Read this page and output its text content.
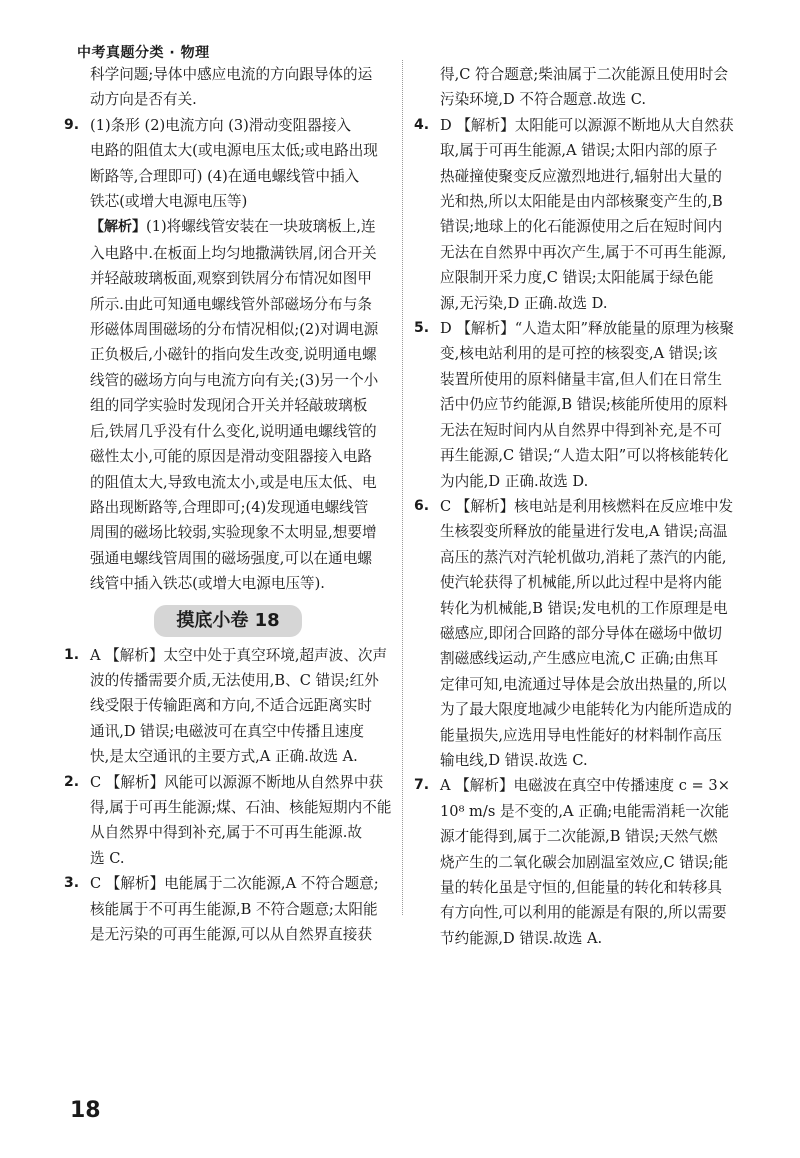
中考真题分类 · 物理
科学问题;导体中感应电流的方向跟导体的运
动方向是否有关.
9. (1)条形 (2)电流方向 (3)滑动变阻器接入
电路的阻值太大(或电源电压太低;或电路出现
断路等,合理即可) (4)在通电螺线管中插入
铁芯(或增大电源电压等)
【解析】(1)将螺线管安装在一块玻璃板上,连
入电路中.在板面上均匀地撒满铁屑,闭合开关
并轻敲玻璃板面,观察到铁屑分布情况如图甲
所示.由此可知通电螺线管外部磁场分布与条
形磁体周围磁场的分布情况相似;(2)对调电源
正负极后,小磁针的指向发生改变,说明通电螺
线管的磁场方向与电流方向有关;(3)另一个小
组的同学实验时发现闭合开关并轻敲玻璃板
后,铁屑几乎没有什么变化,说明通电螺线管的
磁性太小,可能的原因是滑动变阻器接入电路
的阻值太大,导致电流太小,或是电压太低、电
路出现断路等,合理即可;(4)发现通电螺线管
周围的磁场比较弱,实验现象不太明显,想要增
强通电螺线管周围的磁场强度,可以在通电螺
线管中插入铁芯(或增大电源电压等).
摸底小卷 18
1. A 【解析】太空中处于真空环境,超声波、次声
波的传播需要介质,无法使用,B、C 错误;红外
线受限于传输距离和方向,不适合远距离实时
通讯,D 错误;电磁波可在真空中传播且速度
快,是太空通讯的主要方式,A 正确.故选 A.
2. C 【解析】风能可以源源不断地从自然界中获
得,属于可再生能源;煤、石油、核能短期内不能
从自然界中得到补充,属于不可再生能源.故
选 C.
3. C 【解析】电能属于二次能源,A 不符合题意;
核能属于不可再生能源,B 不符合题意;太阳能
是无污染的可再生能源,可以从自然界直接获
得,C 符合题意;柴油属于二次能源且使用时会
污染环境,D 不符合题意.故选 C.
4. D 【解析】太阳能可以源源不断地从大自然获
取,属于可再生能源,A 错误;太阳内部的原子
热碰撞使聚变反应激烈地进行,辐射出大量的
光和热,所以太阳能是由内部核聚变产生的,B
错误;地球上的化石能源使用之后在短时间内
无法在自然界中再次产生,属于不可再生能源,
应限制开采力度,C 错误;太阳能属于绿色能
源,无污染,D 正确.故选 D.
5. D 【解析】“人造太阳”释放能量的原理为核聚
变,核电站利用的是可控的核裂变,A 错误;该
装置所使用的原料储量丰富,但人们在日常生
活中仍应节约能源,B 错误;核能所使用的原料
无法在短时间内从自然界中得到补充,是不可
再生能源,C 错误;“人造太阳”可以将核能转化
为内能,D 正确.故选 D.
6. C 【解析】核电站是利用核燃料在反应堆中发
生核裂变所释放的能量进行发电,A 错误;高温
高压的蒸汽对汽轮机做功,消耗了蒸汽的内能,
使汽轮获得了机械能,所以此过程中是将内能
转化为机械能,B 错误;发电机的工作原理是电
磁感应,即闭合回路的部分导体在磁场中做切
割磁感线运动,产生感应电流,C 正确;由焦耳
定律可知,电流通过导体是会放出热量的,所以
为了最大限度地减少电能转化为内能所造成的
能量损失,应选用导电性能好的材料制作高压
输电线,D 错误.故选 C.
7. A 【解析】电磁波在真空中传播速度 c = 3×
10⁸ m/s 是不变的,A 正确;电能需消耗一次能
源才能得到,属于二次能源,B 错误;天然气燃
烧产生的二氧化碳会加剧温室效应,C 错误;能
量的转化虽是守恒的,但能量的转化和转移具
有方向性,可以利用的能源是有限的,所以需要
节约能源,D 错误.故选 A.
18
